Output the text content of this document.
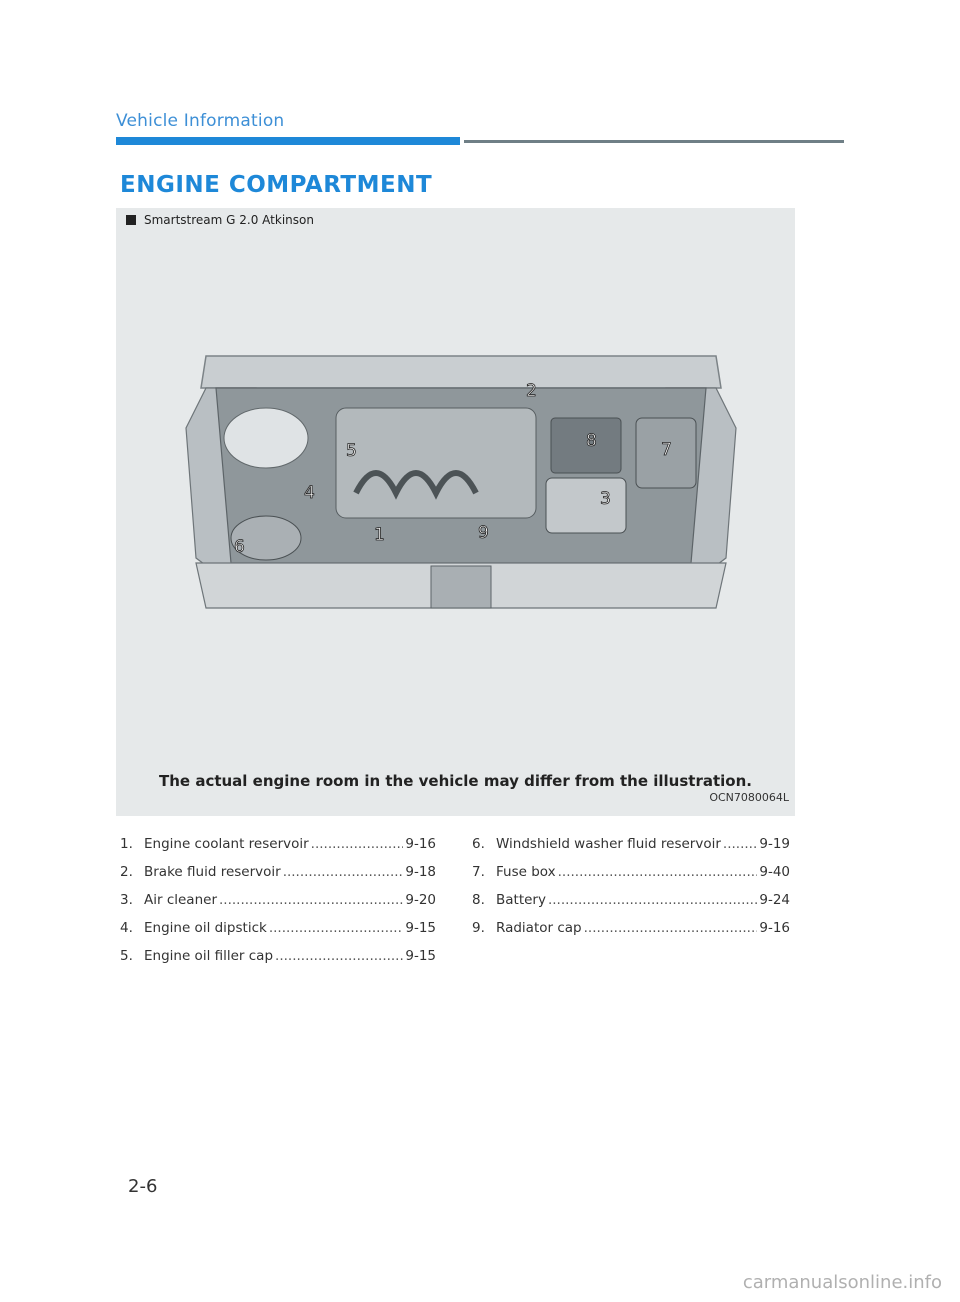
Vehicle Information
ENGINE COMPARTMENT
Smartstream G 2.0 Atkinson
2
8	7
5
4	3
1	9
6
The actual engine room in the vehicle may differ from the illustration.
OCN7080064L
1. Engine coolant reservoir .....	9-16
2. Brake fluid reservoir .....	9-18
3. Air cleaner .....	9-20
4. Engine oil dipstick .....	9-15
5. Engine oil filler cap .....	9-15
6. Windshield washer fluid reservoir .....	9-19
7. Fuse box .....	9-40
8. Battery .....	9-24
9. Radiator cap .....	9-16
2-6
carmanualsonline.info
